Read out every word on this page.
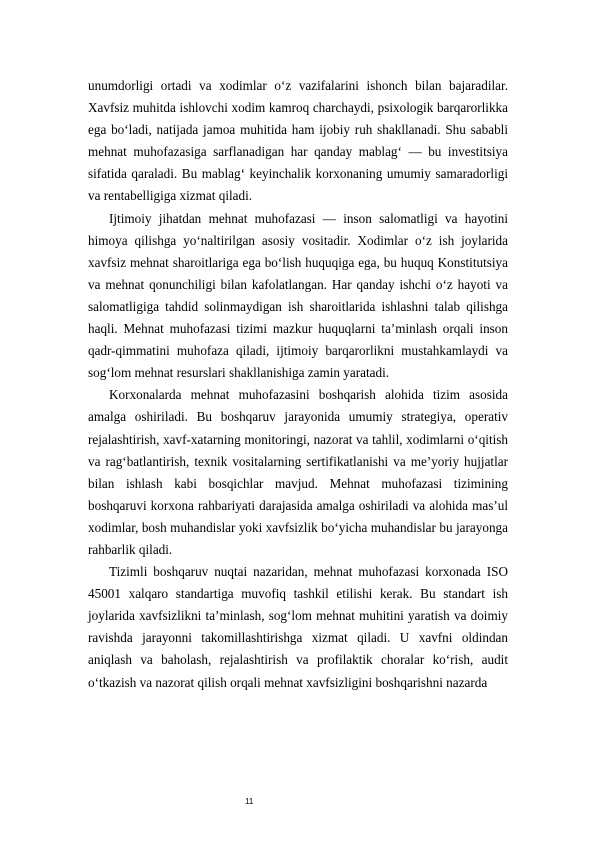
unumdorligi ortadi va xodimlar o‘z vazifalarini ishonch bilan bajaradilar. Xavfsiz muhitda ishlovchi xodim kamroq charchaydi, psixologik barqarorlikka ega bo‘ladi, natijada jamoa muhitida ham ijobiy ruh shakllanadi. Shu sababli mehnat muhofazasiga sarflanadigan har qanday mablag‘ — bu investitsiya sifatida qaraladi. Bu mablag‘ keyinchalik korxonaning umumiy samaradorligi va rentabelligiga xizmat qiladi.

Ijtimoiy jihatdan mehnat muhofazasi — inson salomatligi va hayotini himoya qilishga yo‘naltirilgan asosiy vositadir. Xodimlar o‘z ish joylarida xavfsiz mehnat sharoitlariga ega bo‘lish huquqiga ega, bu huquq Konstitutsiya va mehnat qonunchiligi bilan kafolatlangan. Har qanday ishchi o‘z hayoti va salomatligiga tahdid solinmaydigan ish sharoitlarida ishlashni talab qilishga haqli. Mehnat muhofazasi tizimi mazkur huquqlarni ta’minlash orqali inson qadr-qimmatini muhofaza qiladi, ijtimoiy barqarorlikni mustahkamlaydi va sog‘lom mehnat resurslari shakllanishiga zamin yaratadi.

Korxonalarda mehnat muhofazasini boshqarish alohida tizim asosida amalga oshiriladi. Bu boshqaruv jarayonida umumiy strategiya, operativ rejalashtirish, xavf-xatarning monitoringi, nazorat va tahlil, xodimlarni o‘qitish va rag‘batlantirish, texnik vositalarning sertifikatlanishi va me’yoriy hujjatlar bilan ishlash kabi bosqichlar mavjud. Mehnat muhofazasi tizimining boshqaruvi korxona rahbariyati darajasida amalga oshiriladi va alohida mas’ul xodimlar, bosh muhandislar yoki xavfsizlik bo‘yicha muhandislar bu jarayonga rahbarlik qiladi.

Tizimli boshqaruv nuqtai nazaridan, mehnat muhofazasi korxonada ISO 45001 xalqaro standartiga muvofiq tashkil etilishi kerak. Bu standart ish joylarida xavfsizlikni ta’minlash, sog‘lom mehnat muhitini yaratish va doimiy ravishda jarayonni takomillashtirishga xizmat qiladi. U xavfni oldindan aniqlash va baholash, rejalashtirish va profilaktik choralar ko‘rish, audit o‘tkazish va nazorat qilish orqali mehnat xavfsizligini boshqarishni nazarda

11
